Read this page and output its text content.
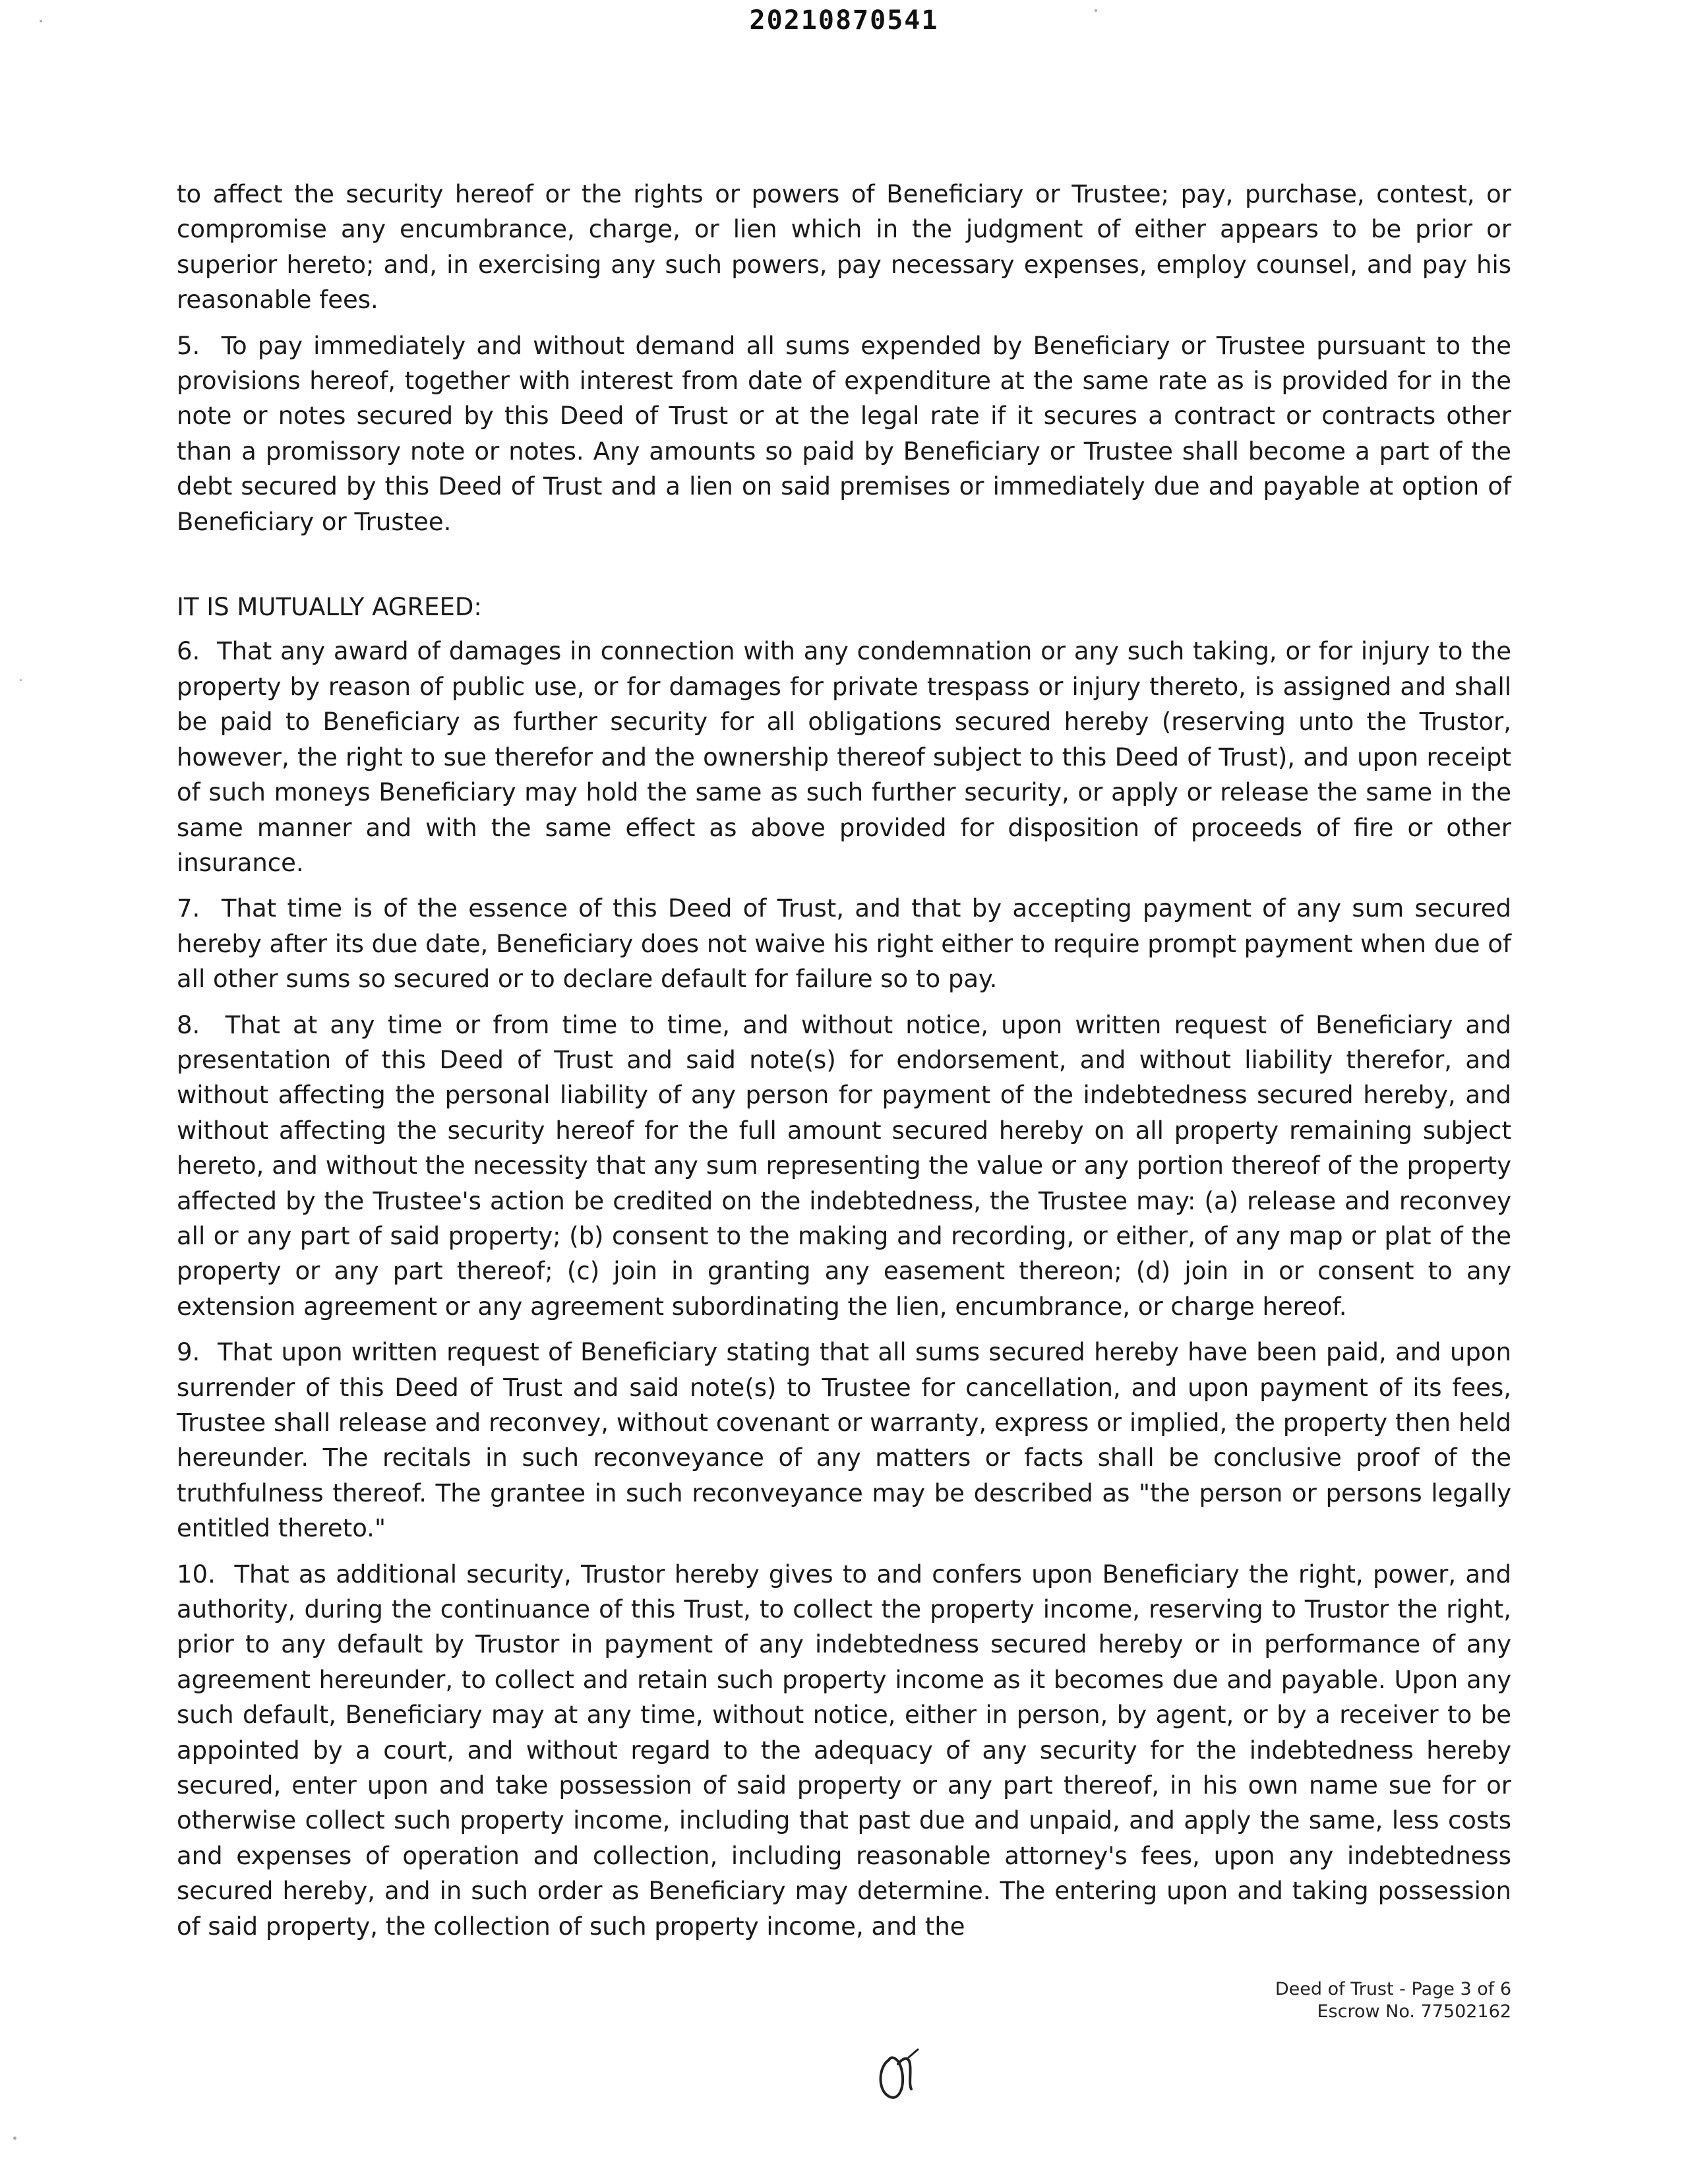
20210870541

to affect the security hereof or the rights or powers of Beneficiary or Trustee; pay, purchase, contest, or compromise any encumbrance, charge, or lien which in the judgment of either appears to be prior or superior hereto; and, in exercising any such powers, pay necessary expenses, employ counsel, and pay his reasonable fees.

5. To pay immediately and without demand all sums expended by Beneficiary or Trustee pursuant to the provisions hereof, together with interest from date of expenditure at the same rate as is provided for in the note or notes secured by this Deed of Trust or at the legal rate if it secures a contract or contracts other than a promissory note or notes. Any amounts so paid by Beneficiary or Trustee shall become a part of the debt secured by this Deed of Trust and a lien on said premises or immediately due and payable at option of Beneficiary or Trustee.

IT IS MUTUALLY AGREED:

6. That any award of damages in connection with any condemnation or any such taking, or for injury to the property by reason of public use, or for damages for private trespass or injury thereto, is assigned and shall be paid to Beneficiary as further security for all obligations secured hereby (reserving unto the Trustor, however, the right to sue therefor and the ownership thereof subject to this Deed of Trust), and upon receipt of such moneys Beneficiary may hold the same as such further security, or apply or release the same in the same manner and with the same effect as above provided for disposition of proceeds of fire or other insurance.

7. That time is of the essence of this Deed of Trust, and that by accepting payment of any sum secured hereby after its due date, Beneficiary does not waive his right either to require prompt payment when due of all other sums so secured or to declare default for failure so to pay.

8. That at any time or from time to time, and without notice, upon written request of Beneficiary and presentation of this Deed of Trust and said note(s) for endorsement, and without liability therefor, and without affecting the personal liability of any person for payment of the indebtedness secured hereby, and without affecting the security hereof for the full amount secured hereby on all property remaining subject hereto, and without the necessity that any sum representing the value or any portion thereof of the property affected by the Trustee's action be credited on the indebtedness, the Trustee may: (a) release and reconvey all or any part of said property; (b) consent to the making and recording, or either, of any map or plat of the property or any part thereof; (c) join in granting any easement thereon; (d) join in or consent to any extension agreement or any agreement subordinating the lien, encumbrance, or charge hereof.

9. That upon written request of Beneficiary stating that all sums secured hereby have been paid, and upon surrender of this Deed of Trust and said note(s) to Trustee for cancellation, and upon payment of its fees, Trustee shall release and reconvey, without covenant or warranty, express or implied, the property then held hereunder. The recitals in such reconveyance of any matters or facts shall be conclusive proof of the truthfulness thereof. The grantee in such reconveyance may be described as "the person or persons legally entitled thereto."

10. That as additional security, Trustor hereby gives to and confers upon Beneficiary the right, power, and authority, during the continuance of this Trust, to collect the property income, reserving to Trustor the right, prior to any default by Trustor in payment of any indebtedness secured hereby or in performance of any agreement hereunder, to collect and retain such property income as it becomes due and payable. Upon any such default, Beneficiary may at any time, without notice, either in person, by agent, or by a receiver to be appointed by a court, and without regard to the adequacy of any security for the indebtedness hereby secured, enter upon and take possession of said property or any part thereof, in his own name sue for or otherwise collect such property income, including that past due and unpaid, and apply the same, less costs and expenses of operation and collection, including reasonable attorney's fees, upon any indebtedness secured hereby, and in such order as Beneficiary may determine. The entering upon and taking possession of said property, the collection of such property income, and the

Deed of Trust - Page 3 of 6
Escrow No. 77502162
